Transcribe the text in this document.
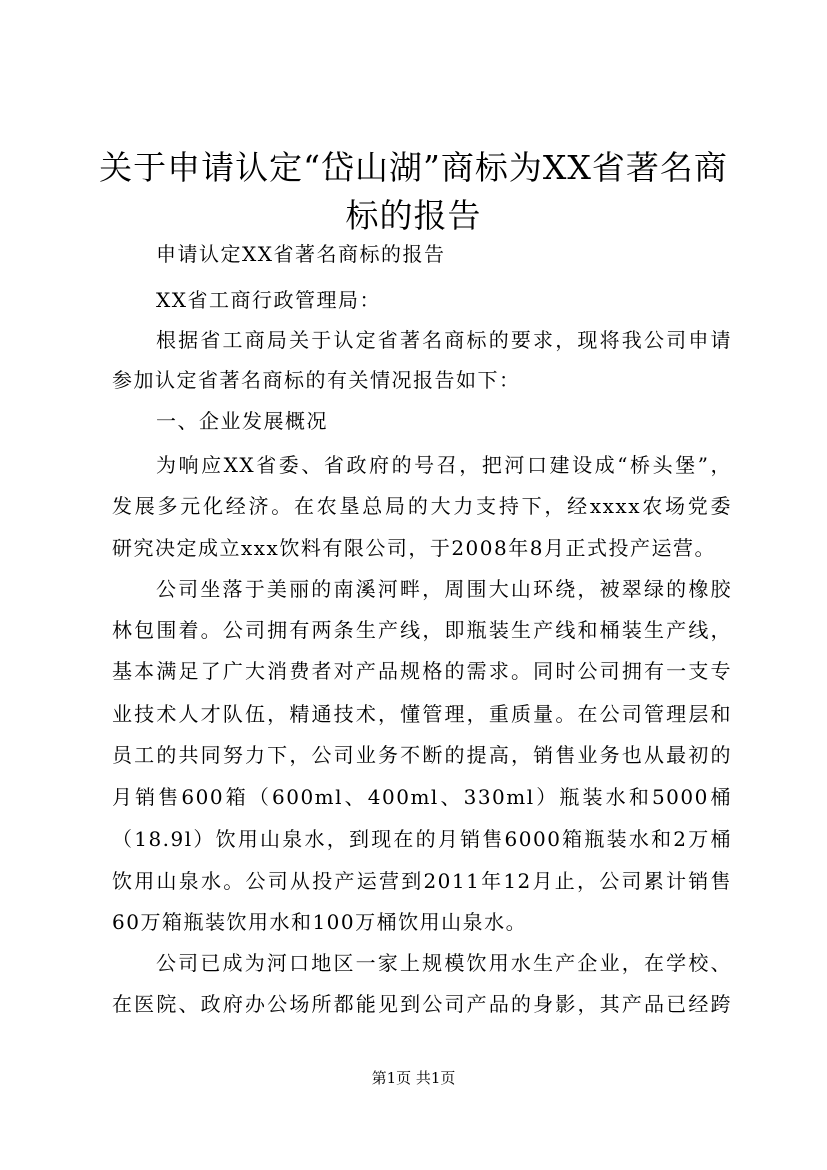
关于申请认定“岱山湖”商标为XX省著名商
标的报告
申请认定XX省著名商标的报告
XX省工商行政管理局：
根据省工商局关于认定省著名商标的要求，现将我公司申请
参加认定省著名商标的有关情况报告如下：
一、企业发展概况
为响应XX省委、省政府的号召，把河口建设成“桥头堡”，
发展多元化经济。在农垦总局的大力支持下，经xxxx农场党委
研究决定成立xxx饮料有限公司，于2008年8月正式投产运营。
公司坐落于美丽的南溪河畔，周围大山环绕，被翠绿的橡胶
林包围着。公司拥有两条生产线，即瓶装生产线和桶装生产线，
基本满足了广大消费者对产品规格的需求。同时公司拥有一支专
业技术人才队伍，精通技术，懂管理，重质量。在公司管理层和
员工的共同努力下，公司业务不断的提高，销售业务也从最初的
月销售600箱（600ml、400ml、330ml）瓶装水和5000桶
（18.9l）饮用山泉水，到现在的月销售6000箱瓶装水和2万桶
饮用山泉水。公司从投产运营到2011年12月止，公司累计销售
60万箱瓶装饮用水和100万桶饮用山泉水。
公司已成为河口地区一家上规模饮用水生产企业，在学校、
在医院、政府办公场所都能见到公司产品的身影，其产品已经跨
第1页 共1页
